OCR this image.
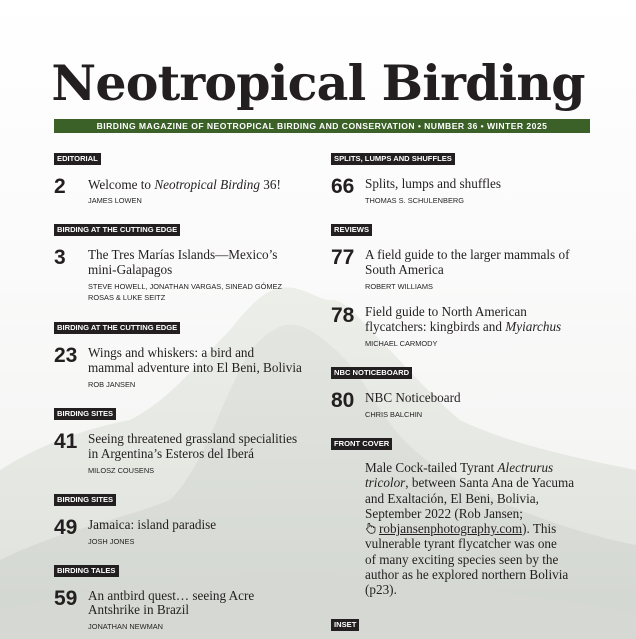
Neotropical Birding
BIRDING MAGAZINE OF NEOTROPICAL BIRDING AND CONSERVATION • NUMBER 36 • WINTER 2025
EDITORIAL
2 Welcome to Neotropical Birding 36!
JAMES LOWEN
BIRDING AT THE CUTTING EDGE
3 The Tres Marías Islands—Mexico’s
mini-Galapagos
STEVE HOWELL, JONATHAN VARGAS, SINEAD GÓMEZ
ROSAS & LUKE SEITZ
BIRDING AT THE CUTTING EDGE
23 Wings and whiskers: a bird and
mammal adventure into El Beni, Bolivia
ROB JANSEN
BIRDING SITES
41 Seeing threatened grassland specialities
in Argentina’s Esteros del Iberá
MILOSZ COUSENS
BIRDING SITES
49 Jamaica: island paradise
JOSH JONES
BIRDING TALES
59 An antbird quest… seeing Acre
Antshrike in Brazil
JONATHAN NEWMAN
SPLITS, LUMPS AND SHUFFLES
66 Splits, lumps and shuffles
THOMAS S. SCHULENBERG
REVIEWS
77 A field guide to the larger mammals of
South America
ROBERT WILLIAMS
78 Field guide to North American
flycatchers: kingbirds and Myiarchus
MICHAEL CARMODY
NBC NOTICEBOARD
80 NBC Noticeboard
CHRIS BALCHIN
FRONT COVER
Male Cock-tailed Tyrant Alectrurus
tricolor, between Santa Ana de Yacuma
and Exaltación, El Beni, Bolivia,
September 2022 (Rob Jansen;
robjansenphotography.com). This
vulnerable tyrant flycatcher was one
of many exciting species seen by the
author as he explored northern Bolivia
(p23).
INSET
